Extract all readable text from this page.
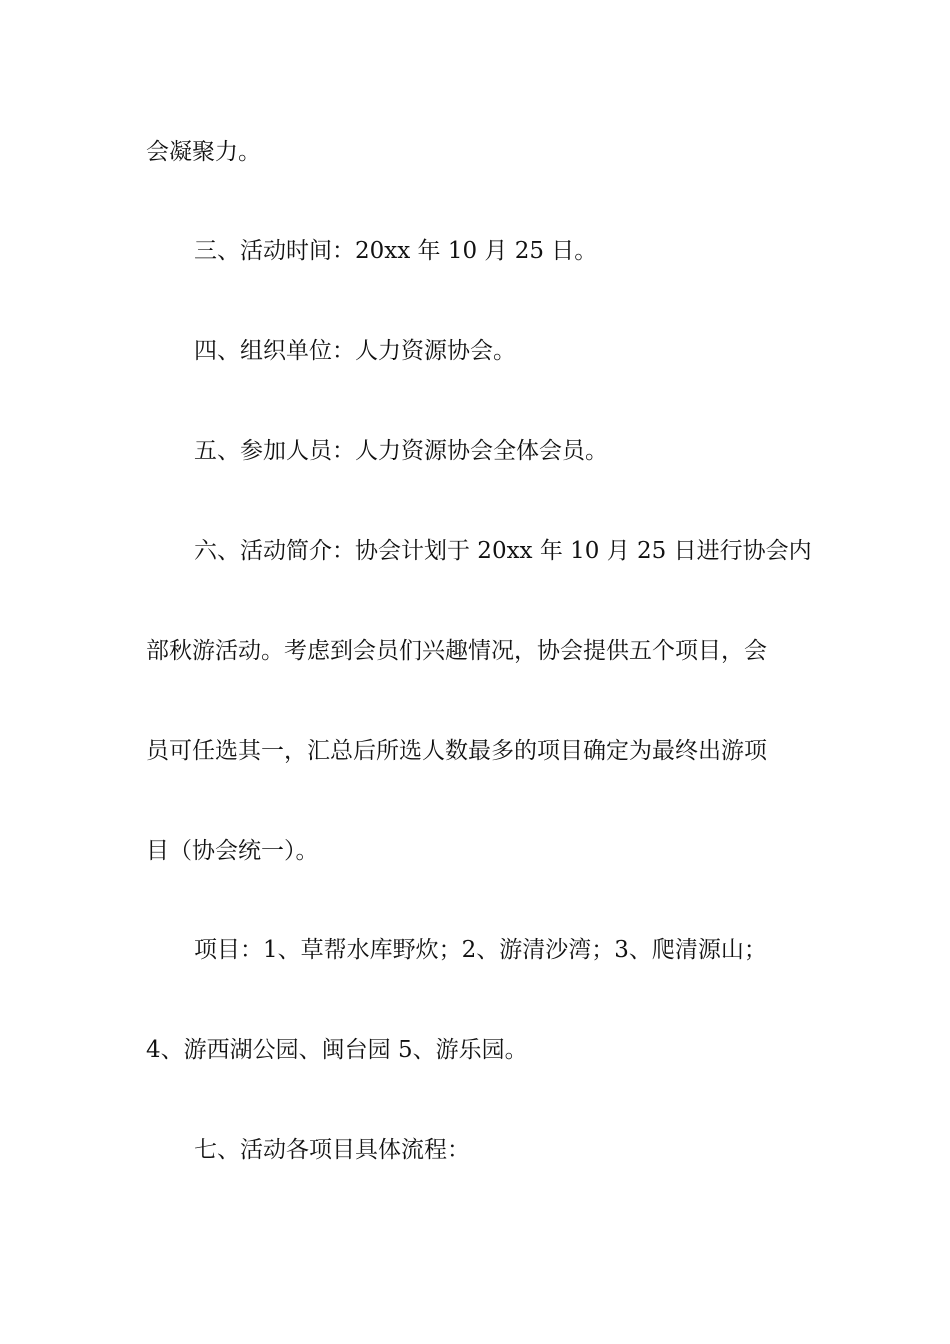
会凝聚力。
三、活动时间：20xx 年 10 月 25 日。
四、组织单位：人力资源协会。
五、参加人员：人力资源协会全体会员。
六、活动简介：协会计划于 20xx 年 10 月 25 日进行协会内
部秋游活动。考虑到会员们兴趣情况，协会提供五个项目，会
员可任选其一，汇总后所选人数最多的项目确定为最终出游项
目（协会统一）。
项目：1、草帮水库野炊；2、游清沙湾；3、爬清源山；
4、游西湖公园、闽台园 5、游乐园。
七、活动各项目具体流程：
